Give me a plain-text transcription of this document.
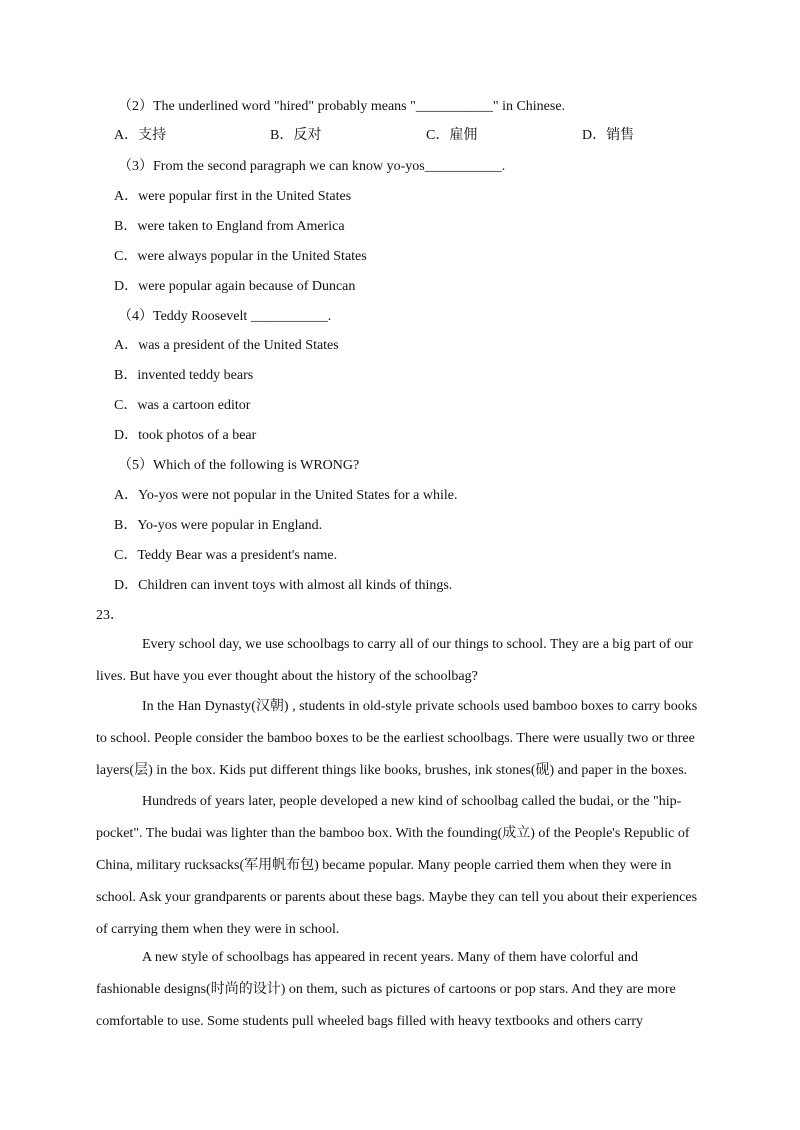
（2）The underlined word "hired" probably means "___________" in Chinese.
A．支持	B．反对	C．雇佣	D．销售
（3）From the second paragraph we can know yo-yos___________.
A．were popular first in the United States
B．were taken to England from America
C．were always popular in the United States
D．were popular again because of Duncan
（4）Teddy Roosevelt ___________.
A．was a president of the United States
B．invented teddy bears
C．was a cartoon editor
D．took photos of a bear
（5）Which of the following is WRONG?
A．Yo-yos were not popular in the United States for a while.
B．Yo-yos were popular in England.
C．Teddy Bear was a president's name.
D．Children can invent toys with almost all kinds of things.
23．
Every school day, we use schoolbags to carry all of our things to school. They are a big part of our
lives. But have you ever thought about the history of the schoolbag?
In the Han Dynasty(汉朝) , students in old-style private schools used bamboo boxes to carry books
to school. People consider the bamboo boxes to be the earliest schoolbags. There were usually two or three
layers(层) in the box. Kids put different things like books, brushes, ink stones(砚) and paper in the boxes.
Hundreds of years later, people developed a new kind of schoolbag called the budai, or the "hip-
pocket". The budai was lighter than the bamboo box. With the founding(成立) of the People's Republic of
China, military rucksacks(军用帆布包) became popular. Many people carried them when they were in
school. Ask your grandparents or parents about these bags. Maybe they can tell you about their experiences
of carrying them when they were in school.
A new style of schoolbags has appeared in recent years. Many of them have colorful and
fashionable designs(时尚的设计) on them, such as pictures of cartoons or pop stars. And they are more
comfortable to use. Some students pull wheeled bags filled with heavy textbooks and others carry
